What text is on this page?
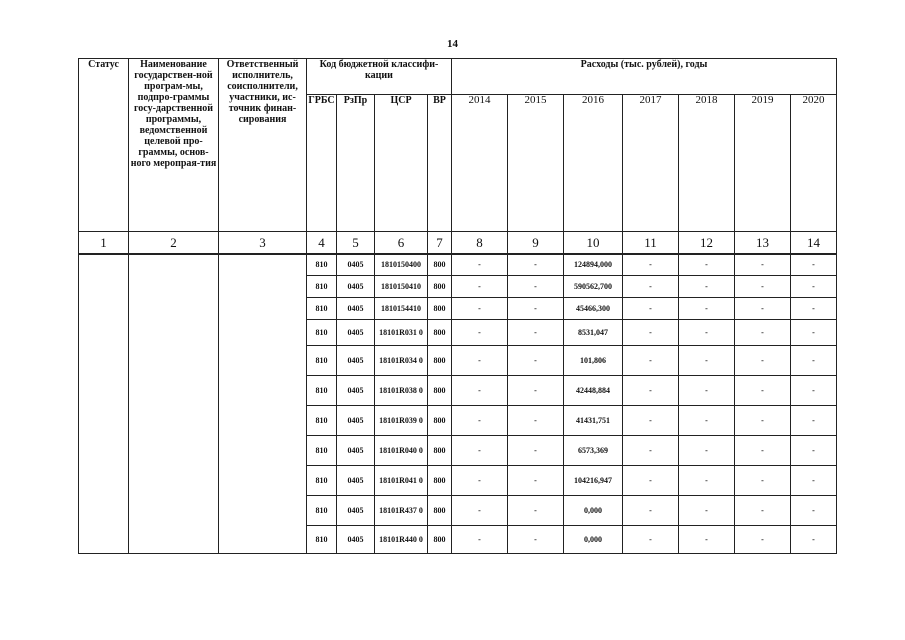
14
Статус	Наименование государствен-ной програм-мы, подпро-граммы госу-дарственной программы, ведомственной целевой про-граммы, основ-ного меропрая-тия	Ответственный исполнитель, соисполнители, участники, ис-точник финан-сирования	Код бюджетной классифи-кации				Расходы (тыс. рублей), годы						
			ГРБС	РзПр	ЦСР	ВР	2014	2015	2016	2017	2018	2019	2020
1	2	3	4	5	6	7	8	9	10	11	12	13	14
			810	0405	1810150400	800	-	-	124894,000	-	-	-	-
			810	0405	1810150410	800	-	-	590562,700	-	-	-	-
			810	0405	1810154410	800	-	-	45466,300	-	-	-	-
			810	0405	18101R031 0	800	-	-	8531,047	-	-	-	-
			810	0405	18101R034 0	800	-	-	101,806	-	-	-	-
			810	0405	18101R038 0	800	-	-	42448,884	-	-	-	-
			810	0405	18101R039 0	800	-	-	41431,751	-	-	-	-
			810	0405	18101R040 0	800	-	-	6573,369	-	-	-	-
			810	0405	18101R041 0	800	-	-	104216,947	-	-	-	-
			810	0405	18101R437 0	800	-	-	0,000	-	-	-	-
			810	0405	18101R440 0	800	-	-	0,000	-	-	-	-
